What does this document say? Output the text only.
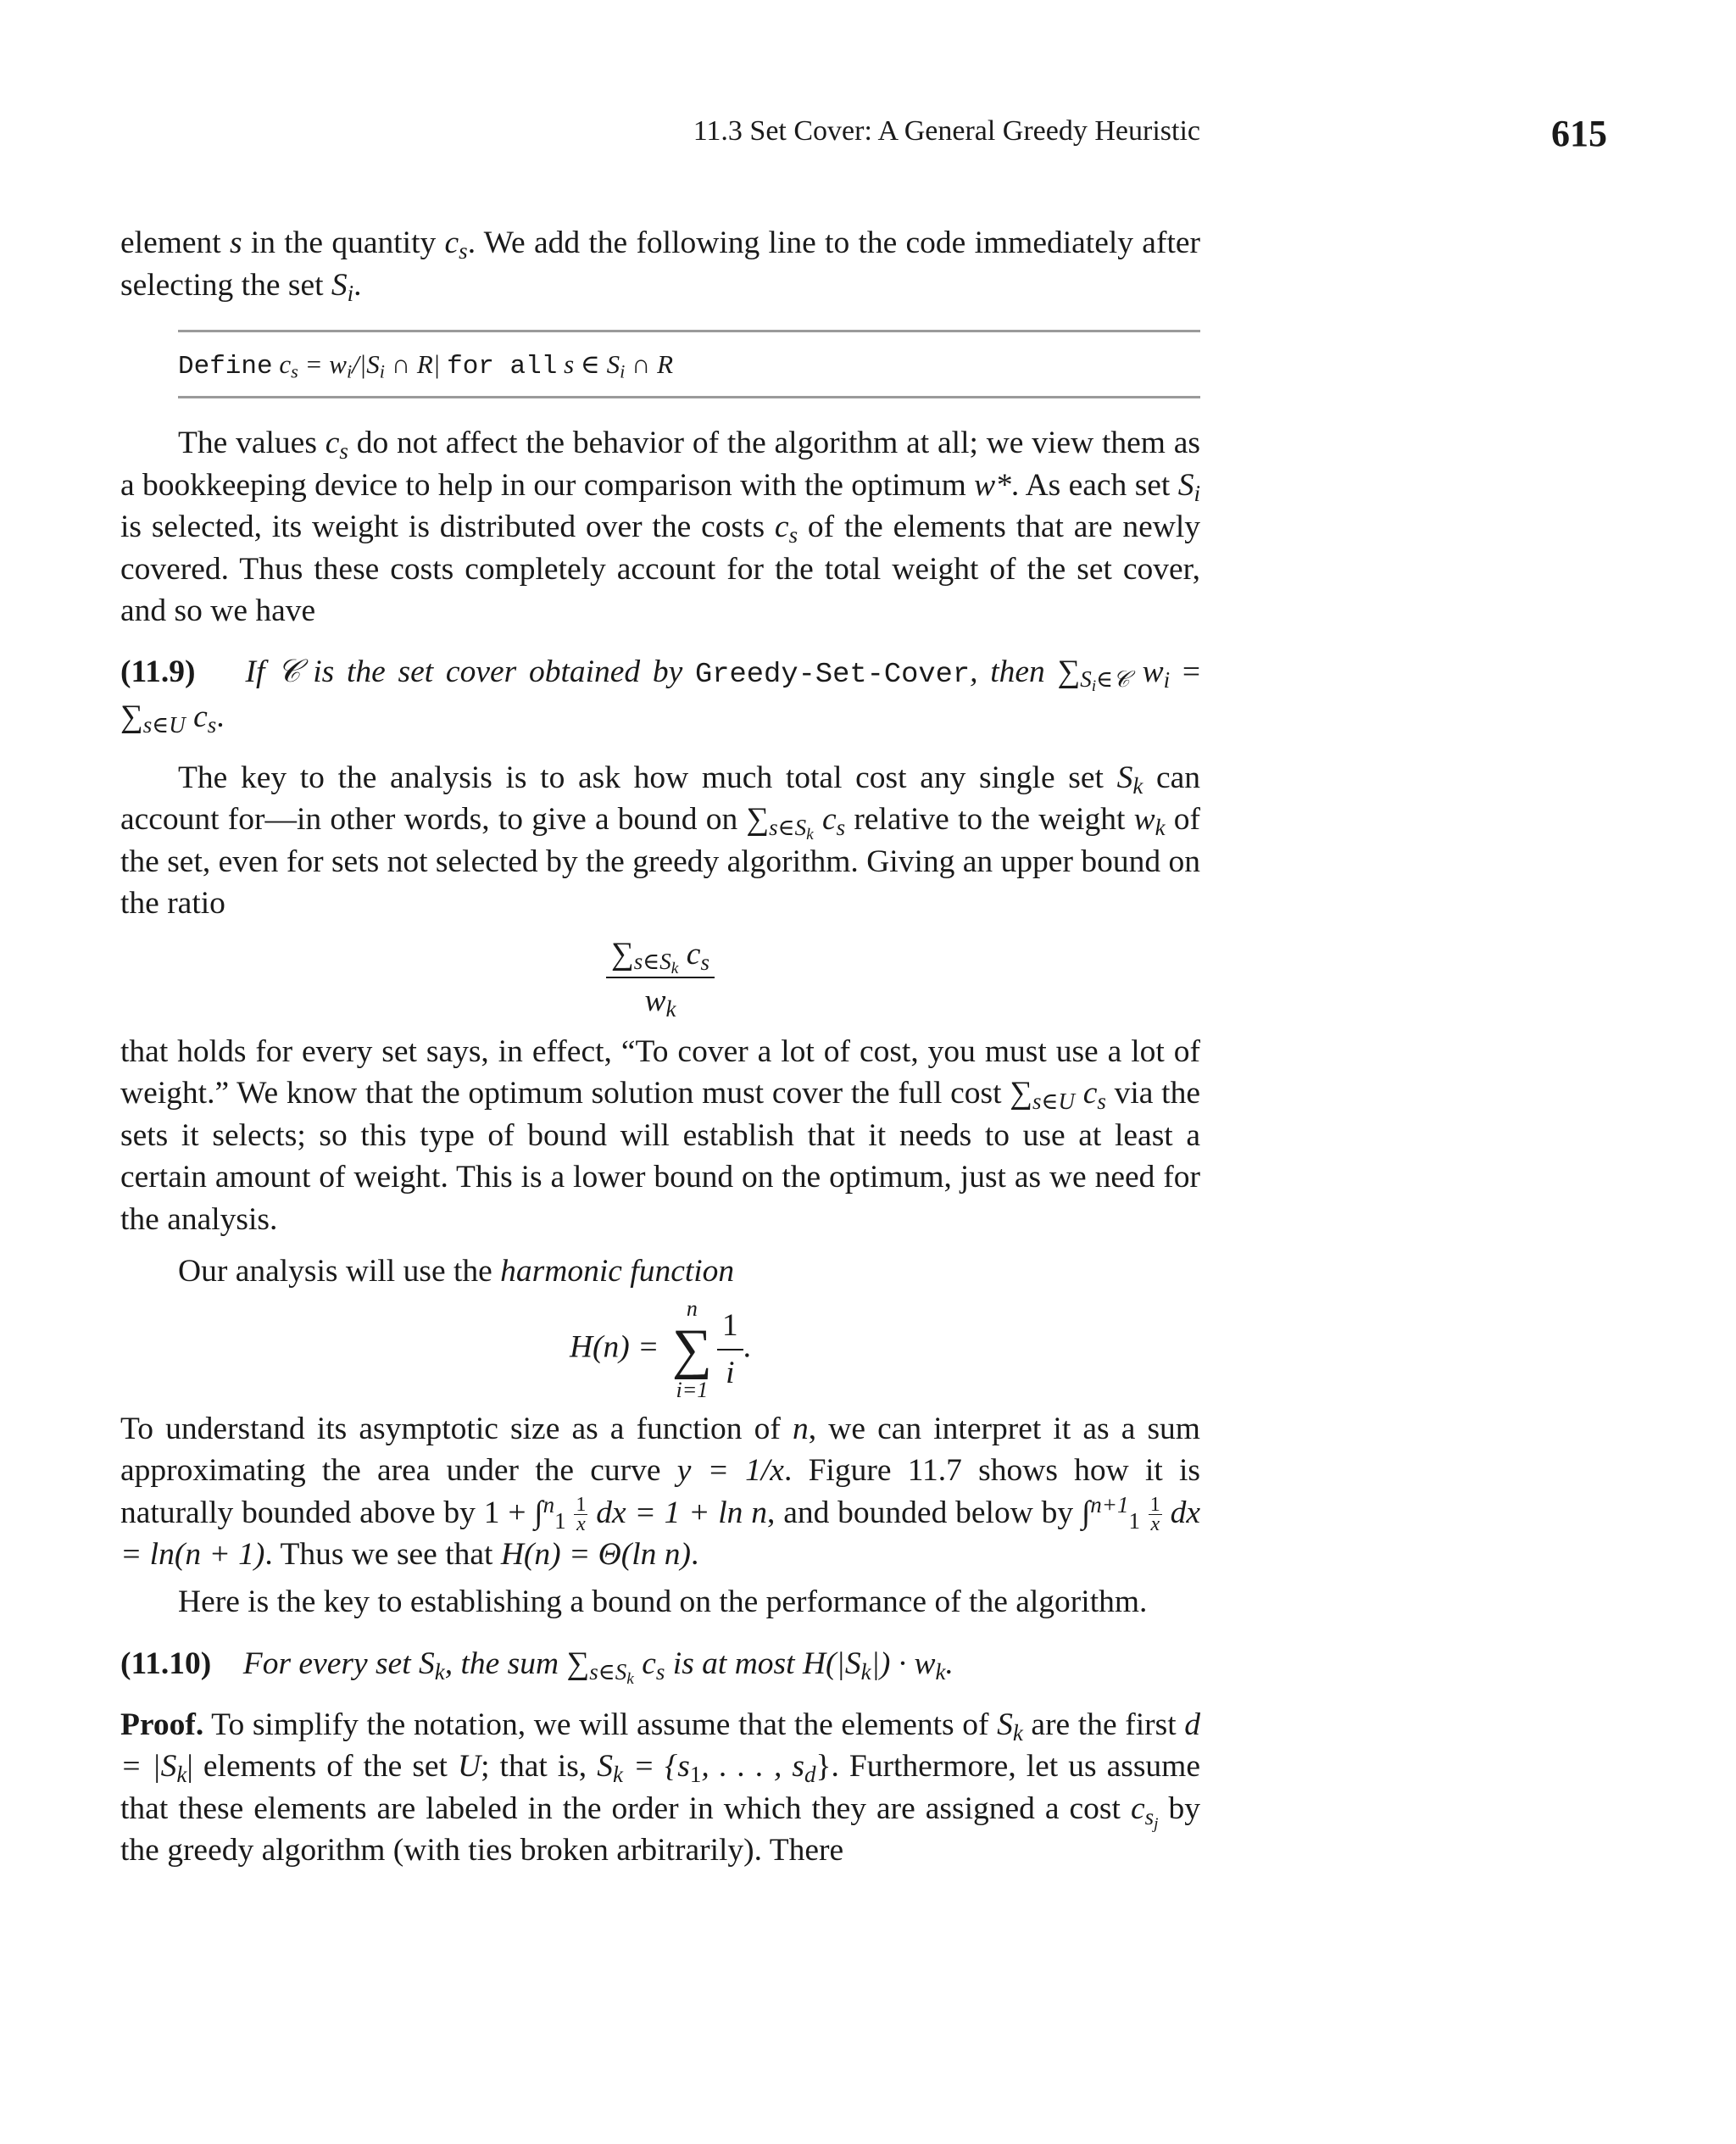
11.3 Set Cover: A General Greedy Heuristic	615

element s in the quantity $c_s$. We add the following line to the code immediately after selecting the set $S_i$.

Define $c_s = w_i/|S_i$ ∩ R| for all s ∈ $S_i$ ∩ R

The values $c_s$ do not affect the behavior of the algorithm at all; we view them as a bookkeeping device to help in our comparison with the optimum w*. As each set $S_i$ is selected, its weight is distributed over the costs $c_s$ of the elements that are newly covered. Thus these costs completely account for the total weight of the set cover, and so we have

(11.9) If 𝒞 is the set cover obtained by Greedy-Set-Cover, then $\sum_{S_i\in 𝒞}$ $w_i = \sum_{s\in U}$ $c_s$.

The key to the analysis is to ask how much total cost any single set $S_k$ can account for—in other words, to give a bound on $\sum_{s\in S_k}$ $c_s$ relative to the weight $w_k$ of the set, even for sets not selected by the greedy algorithm. Giving an upper bound on the ratio

$\frac{\sum_{s\in S_k} c_s}{w_k}$

that holds for every set says, in effect, “To cover a lot of cost, you must use a lot of weight.” We know that the optimum solution must cover the full cost $\sum_{s\in U}$ $c_s$ via the sets it selects; so this type of bound will establish that it needs to use at least a certain amount of weight. This is a lower bound on the optimum, just as we need for the analysis.

Our analysis will use the harmonic function

H(n) =
n
∑
$i=1 \frac{1}{i}$ .

To understand its asymptotic size as a function of n, we can interpret it as a sum approximating the area under the curve y = 1/x. Figure 11.7 shows how it is naturally bounded above by $1 + \int^n_1 \frac{1}{x}$ dx = 1 + ln n, and bounded below by $\int^{n+1}_1 \frac{1}{x}$ dx = ln(n + 1). Thus we see that H(n) = Θ(ln n).

Here is the key to establishing a bound on the performance of the algorithm.

(11.10) For every set $S_k$, the sum $\sum_{s\in S_k}$ $c_s$ is at most $H(|S_k|) \cdot w_k$.

Proof. To simplify the notation, we will assume that the elements of $S_k$ are the first $d = |S_k|$ elements of the set U; that is, $S_k = \{s_1$, . . . , $s_d$}. Furthermore, let us assume that these elements are labeled in the order in which they are assigned a cost $c_{s_j}$ by the greedy algorithm (with ties broken arbitrarily). There
